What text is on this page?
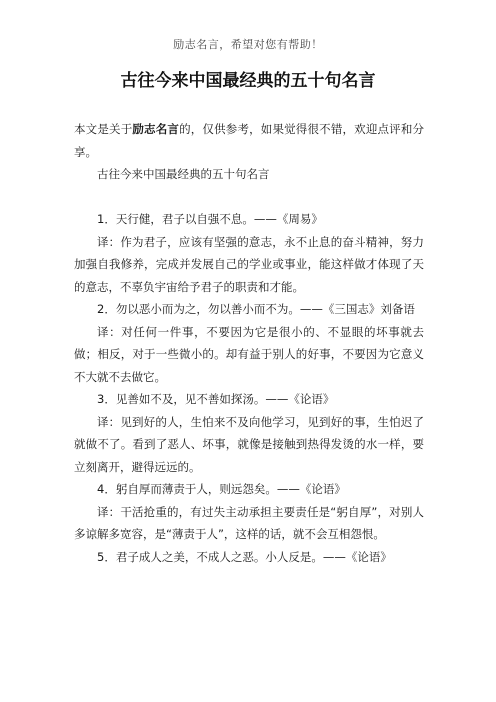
励志名言，希望对您有帮助！
古往今来中国最经典的五十句名言

本文是关于励志名言的，仅供参考，如果觉得很不错，欢迎点评和分享。

古往今来中国最经典的五十句名言

1．天行健，君子以自强不息。——《周易》

译：作为君子，应该有坚强的意志，永不止息的奋斗精神，努力加强自我修养，完成并发展自己的学业或事业，能这样做才体现了天的意志，不辜负宇宙给予君子的职责和才能。

2．勿以恶小而为之，勿以善小而不为。——《三国志》刘备语

译：对任何一件事，不要因为它是很小的、不显眼的坏事就去做；相反，对于一些微小的。却有益于别人的好事，不要因为它意义不大就不去做它。

3．见善如不及，见不善如探汤。——《论语》

译：见到好的人，生怕来不及向他学习，见到好的事，生怕迟了就做不了。看到了恶人、坏事，就像是接触到热得发烫的水一样，要立刻离开，避得远远的。

4．躬自厚而薄责于人，则远怨矣。——《论语》

译：干活抢重的，有过失主动承担主要责任是“躬自厚”，对别人多谅解多宽容，是“薄责于人”，这样的话，就不会互相怨恨。

5．君子成人之美，不成人之恶。小人反是。——《论语》
